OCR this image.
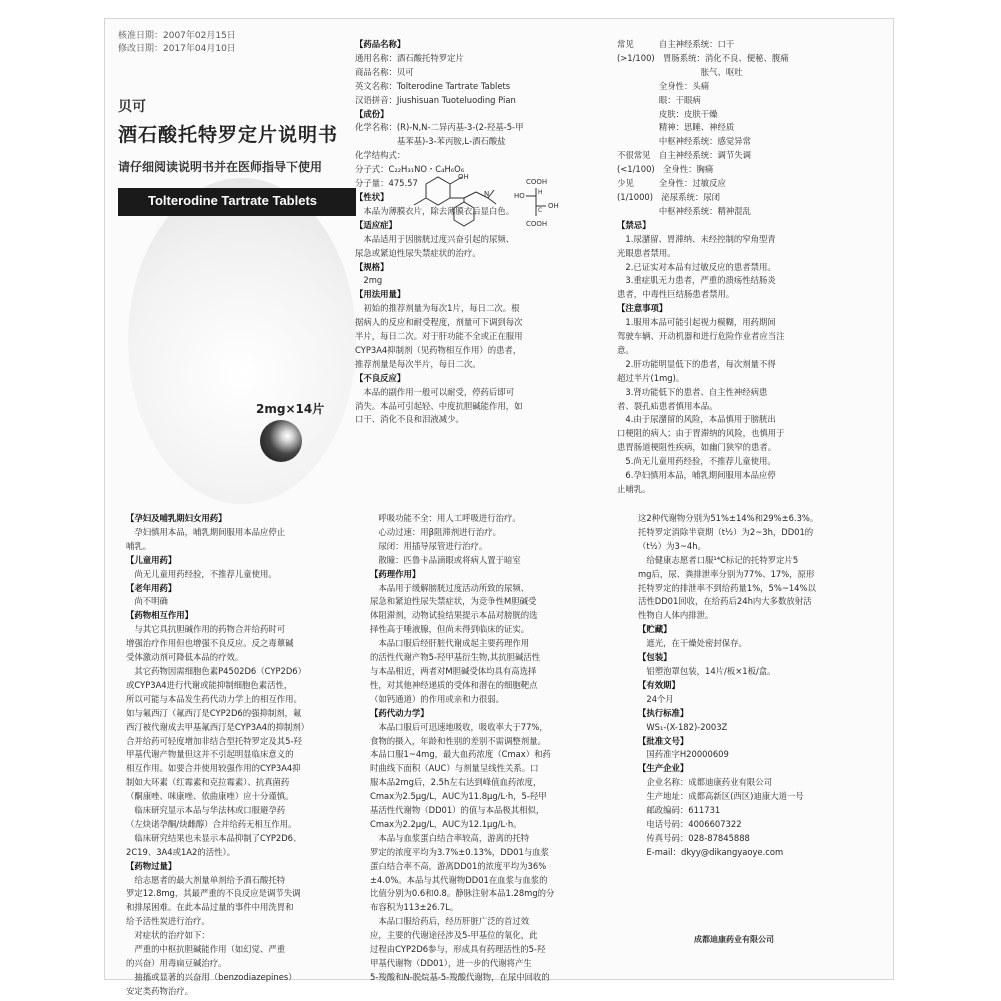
核准日期：2007年02月15日
修改日期：2017年04月10日
贝可
酒石酸托特罗定片说明书
请仔细阅读说明书并在医师指导下使用
Tolterodine Tartrate Tablets
2mg×14片
【药品名称】
通用名称：酒石酸托特罗定片
商品名称：贝可
英文名称：Tolterodine Tartrate Tablets
汉语拼音：Jiushisuan Tuoteluoding Pian
【成份】
化学名称：(R)-N,N-二异丙基-3-(2-羟基-5-甲
　　　　　基苯基)-3-苯丙胺,L-酒石酸盐
化学结构式：
分子式：C₂₂H₃₁NO・C₄H₆O₆
分子量：475.57
【性状】
　本品为薄膜衣片，除去薄膜衣后显白色。
【适应症】
　本品适用于因膀胱过度兴奋引起的尿频、
尿急或紧迫性尿失禁症状的治疗。
【规格】
　2mg
【用法用量】
　初始的推荐剂量为每次1片，每日二次。根
据病人的反应和耐受程度，剂量可下调到每次
半片，每日二次。对于肝功能不全或正在服用
CYP3A4抑制剂（见药物相互作用）的患者，
推荐剂量是每次半片，每日二次。
【不良反应】
　本品的副作用一般可以耐受，停药后即可
消失。本品可引起轻、中度抗胆碱能作用，如
口干、消化不良和泪液减少。
OH
N
COOH
COOH
HO
OH
H
C
常见　　　自主神经系统：口干
(>1/100)　胃肠系统：消化不良、便秘、腹痛
　　　　　　　　　　胀气、呕吐
　　　　　全身性：头痛
　　　　　眼：干眼病
　　　　　皮肤：皮肤干燥
　　　　　精神：思睡、神经质
　　　　　中枢神经系统：感觉异常
不很常见　自主神经系统：调节失调
(<1/100)　全身性：胸痛
少见　　　全身性：过敏反应
(1/1000)　泌尿系统：尿闭
　　　　　中枢神经系统：精神混乱
【禁忌】
　1.尿潴留、胃滞纳、未经控制的窄角型青
光眼患者禁用。
　2.已证实对本品有过敏反应的患者禁用。
　3.重症肌无力患者，严重的溃疡性结肠炎
患者，中毒性巨结肠患者禁用。
【注意事项】
　1.服用本品可能引起视力模糊，用药期间
驾驶车辆、开动机器和进行危险作业者应当注
意。
　2.肝功能明显低下的患者，每次剂量不得
超过半片(1mg)。
　3.肾功能低下的患者、自主性神经病患
者、裂孔疝患者慎用本品。
　4.由于尿潴留的风险，本品慎用于膀胱出
口梗阻的病人；由于胃滞纳的风险，也慎用于
患胃肠道梗阻性疾病，如幽门狭窄的患者。
　5.尚无儿童用药经验，不推荐儿童使用。
　6.孕妇慎用本品，哺乳期间服用本品应停
止哺乳。
【孕妇及哺乳期妇女用药】
　孕妇慎用本品，哺乳期间服用本品应停止
哺乳。
【儿童用药】
　尚无儿童用药经验，不推荐儿童使用。
【老年用药】
　尚不明确
【药物相互作用】
　与其它具抗胆碱作用的药物合并给药时可
增强治疗作用但也增强不良反应。反之毒蕈碱
受体激动剂可降低本品的疗效。
　其它药物因需细胞色素P4502D6（CYP2D6）
或CYP3A4进行代谢或能抑制细胞色素活性，
所以可能与本品发生药代动力学上的相互作用。
如与氟西汀（氟西汀是CYP2D6的强抑制剂，氟
西汀被代谢成去甲基氟西汀是CYP3A4的抑制剂）
合并给药可轻度增加非结合型托特罗定及其5-羟
甲基代谢产物量但这并不引起明显临床意义的
相互作用。如要合并使用较强作用的CYP3A4抑
制如大环素（红霉素和克拉霉素）、抗真菌药
（酮康唑、咪康唑、依曲康唑）应十分谨慎。
　临床研究显示本品与华法林或口服避孕药
（左炔诺孕酮/炔雌醇）合并给药无相互作用。
　临床研究结果也未显示本品抑制了CYP2D6、
2C19、3A4或1A2的活性）。
【药物过量】
　给志愿者的最大剂量单剂给予酒石酸托特
罗定12.8mg，其最严重的不良反应是调节失调
和排尿困难。在此本品过量的事件中用洗胃和
给予活性炭进行治疗。
　对症状的治疗如下：
　严重的中枢抗胆碱能作用（如幻觉、严重
的兴奋）用毒扁豆碱治疗。
　抽搐或显著的兴奋用（benzodiazepines）
安定类药物治疗。
　呼吸功能不全：用人工呼吸进行治疗。
　心动过速：用β阻滞剂进行治疗。
　尿闭：用插导尿管进行治疗。
　散瞳：匹鲁卡品滴眼或将病人置于暗室
【药理作用】
　本品用于缓解膀胱过度活动所致的尿频、
尿急和紧迫性尿失禁症状，为竞争性M胆碱受
体阻滞剂，动物试验结果提示本品对膀胱的选
择性高于唾液腺，但尚未得到临床的证实。
　本品口服后经肝脏代谢成起主要药理作用
的活性代谢产物5-羟甲基衍生物,其抗胆碱活性
与本品相近，两者对M胆碱受体均具有高选择
性，对其他神经递质的受体和潜在的细胞靶点
（如钙通道）的作用或亲和力很弱。
【药代动力学】
　本品口服后可迅速地吸收，吸收率大于77%，
食物的摄入，年龄和性别的差别不需调整剂量。
本品口服1~4mg，最大血药浓度（Cmax）和药
时曲线下面积（AUC）与剂量呈线性关系。口
服本品2mg后，2.5h左右达到峰值血药浓度，
Cmax为2.5μg/L，AUC为11.8μg/L·h，5-羟甲
基活性代谢物（DD01）的值与本品极其相似，
Cmax为2.2μg/L，AUC为12.1μg/L·h。
　本品与血浆蛋白结合率较高，游离的托特
罗定的浓度平均为3.7%±0.13%，DD01与血浆
蛋白结合率不高，游离DD01的浓度平均为36%
±4.0%。本品与其代谢物DD01在血浆与血浆的
比值分别为0.6和0.8。静脉注射本品1.28mg的分
布容积为113±26.7L。
　本品口服给药后，经历肝脏广泛的首过效
应，主要的代谢途径涉及5-甲基位的氧化，此
过程由CYP2D6参与，形成具有药理活性的5-羟
甲基代谢物（DD01），进一步的代谢将产生
5-羧酸和N-脱烷基-5-羧酸代谢物，在尿中回收的
这2种代谢物分别为51%±14%和29%±6.3%。
托特罗定消除半衰期（t½）为2~3h，DD01的
（t½）为3~4h。
　给健康志愿者口服¹⁴C标记的托特罗定片5
mg后，尿、粪排泄率分别为77%、17%，原形
托特罗定的排泄率不到给药量1%，5%~14%以
活性DD01回收，在给药后24h内大多数放射活
性物自人体内排泄。
【贮藏】
　遮光，在干燥处密封保存。
【包装】
　铝塑泡罩包装，14片/板×1板/盒。
【有效期】
　24个月
【执行标准】
　WS₁-(X-182)-2003Z
【批准文号】
　国药准字H20000609
【生产企业】
　企业名称：成都迪康药业有限公司
　生产地址：成都高新区(西区)迪康大道一号
　邮政编码：611731
　电话号码：4006607322
　传真号码：028-87845888
　E-mail：dkyy@dikangyaoye.com
成都迪康药业有限公司
